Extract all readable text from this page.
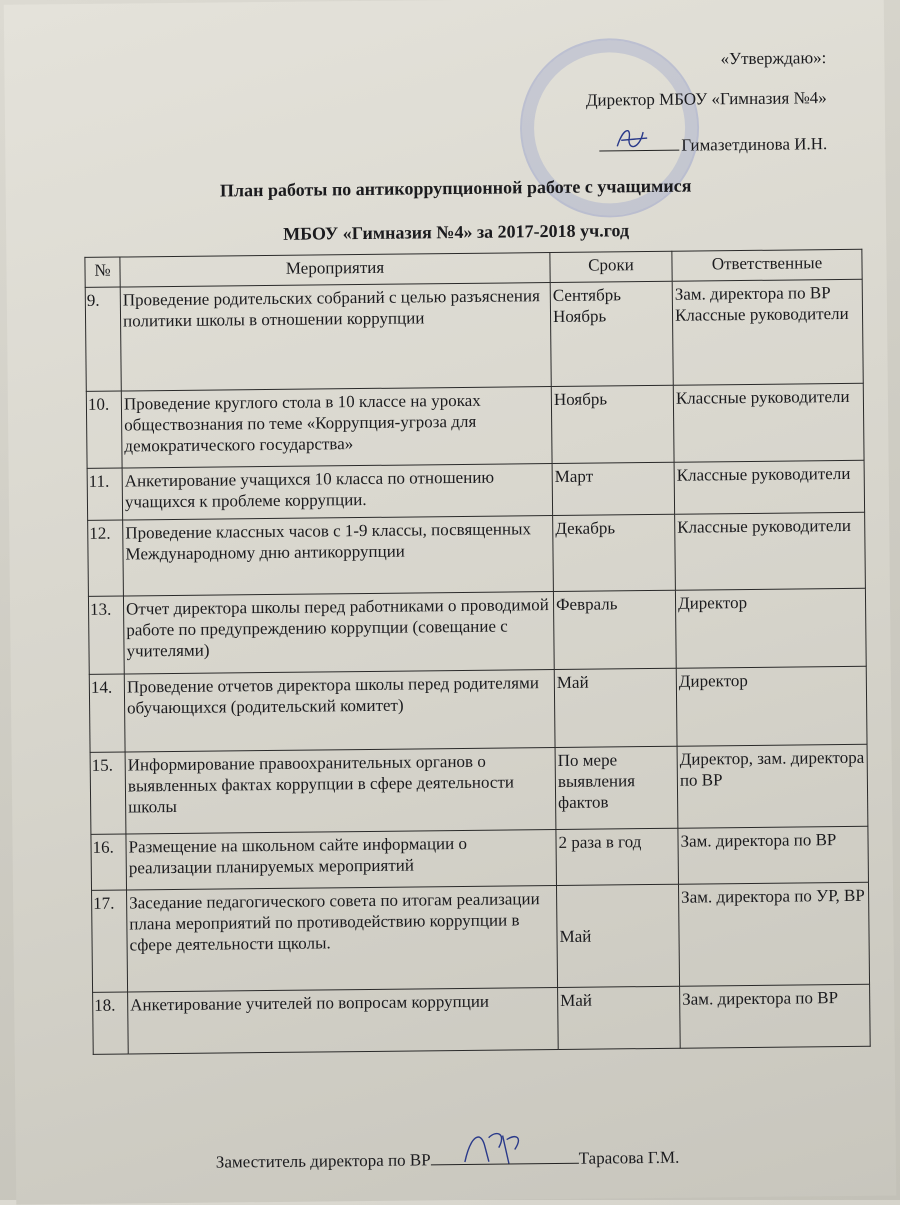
«Утверждаю»:
Директор МБОУ «Гимназия №4»
Гимазетдинова И.Н.
План работы по антикоррупционной работе с учащимися
МБОУ «Гимназия №4» за 2017-2018 уч.год
№	Мероприятия	Сроки	Ответственные
9.	Проведение родительских собраний с целью разъяснения политики школы в отношении коррупции	Сентябрь Ноябрь	Зам. директора по ВР Классные руководители
10.	Проведение круглого стола в 10 классе на уроках обществознания по теме «Коррупция-угроза для демократического государства»	Ноябрь	Классные руководители
11.	Анкетирование учащихся 10 класса по отношению учащихся к проблеме коррупции.	Март	Классные руководители
12.	Проведение классных часов с 1-9 классы, посвященных Международному дню антикоррупции	Декабрь	Классные руководители
13.	Отчет директора школы перед работниками о проводимой работе по предупреждению коррупции (совещание с учителями)	Февраль	Директор
14.	Проведение отчетов директора школы перед родителями обучающихся (родительский комитет)	Май	Директор
15.	Информирование правоохранительных органов о выявленных фактах коррупции в сфере деятельности школы	По мере выявления фактов	Директор, зам. директора по ВР
16.	Размещение на школьном сайте информации о реализации планируемых мероприятий	2 раза в год	Зам. директора по ВР
17.	Заседание педагогического совета по итогам реализации плана мероприятий по противодействию коррупции в сфере деятельности щколы.	Май	Зам. директора по УР, ВР
18.	Анкетирование учителей по вопросам коррупции	Май	Зам. директора по ВР
Заместитель директора по ВР	Тарасова Г.М.
